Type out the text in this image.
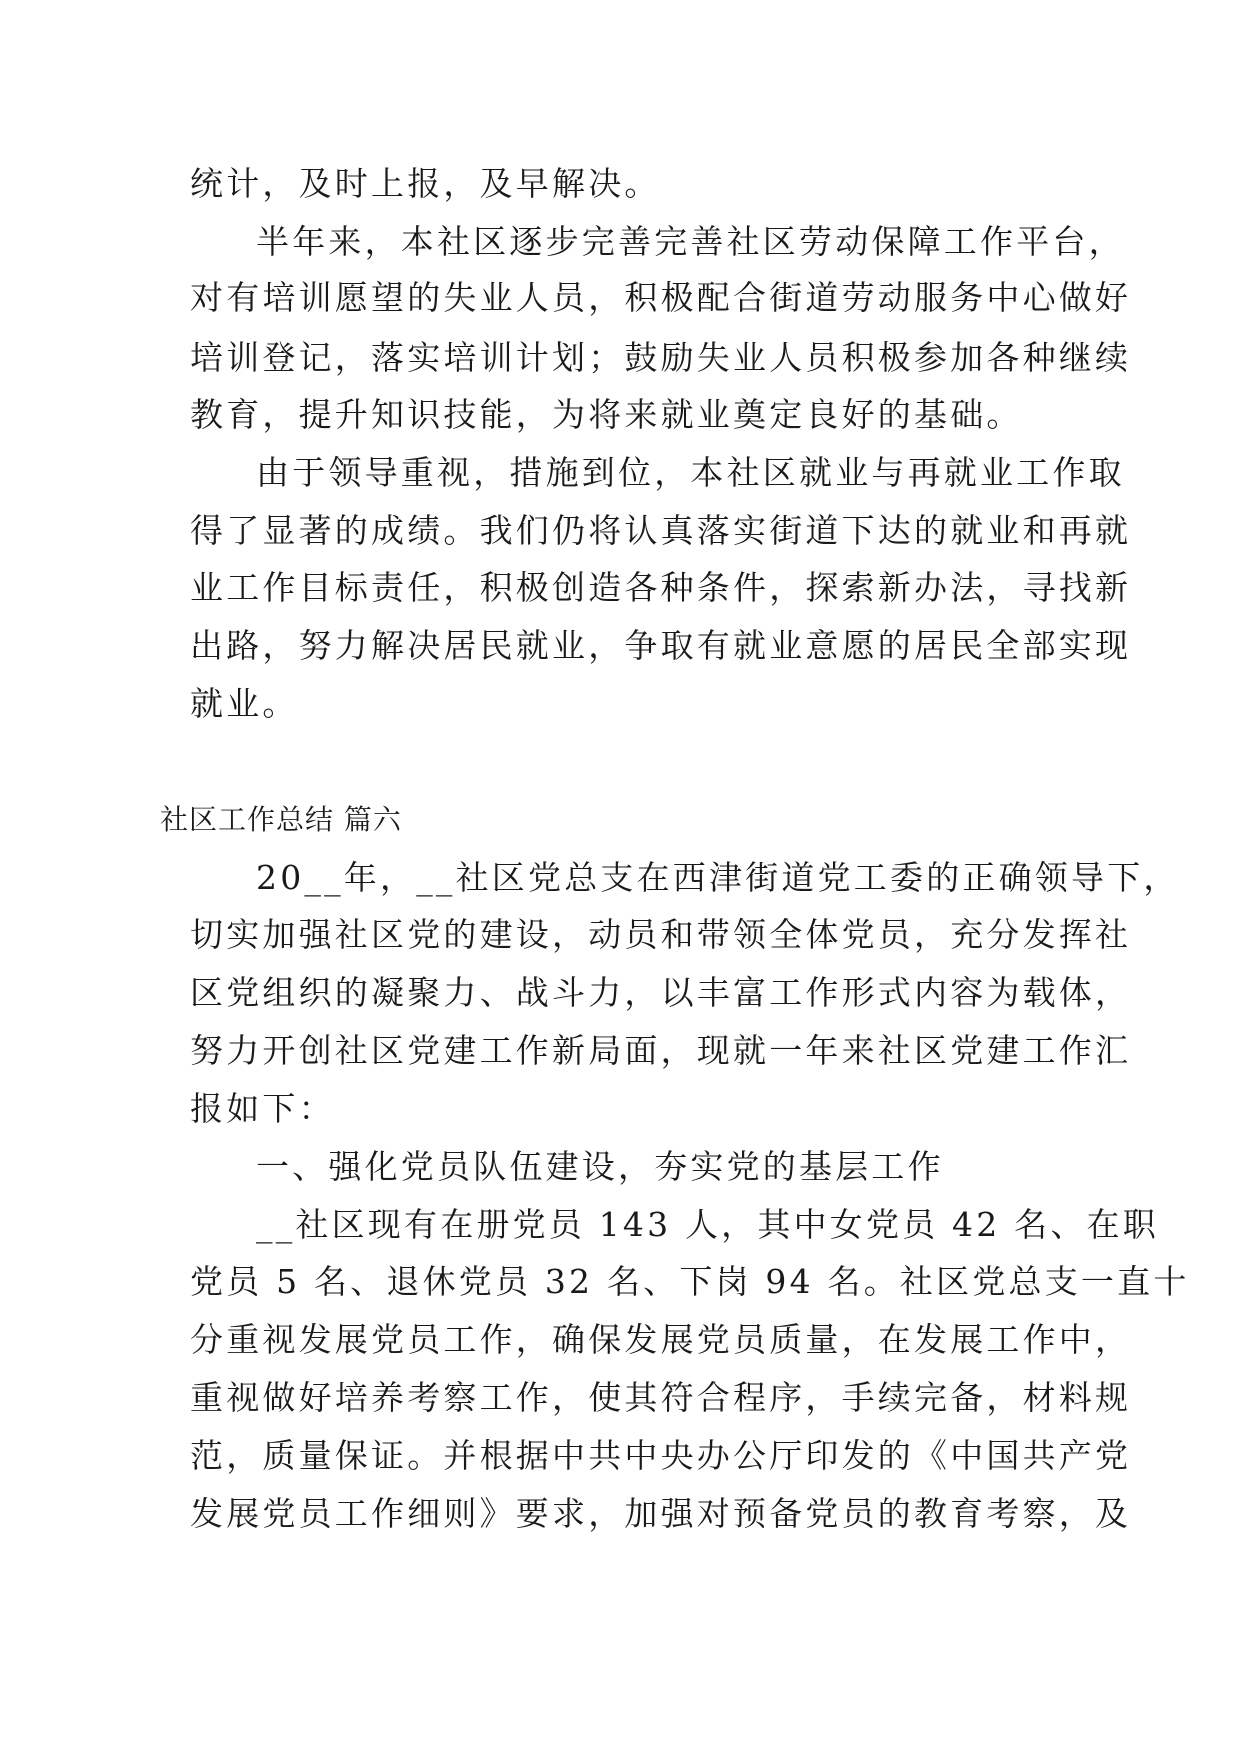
统计，及时上报，及早解决。
半年来，本社区逐步完善完善社区劳动保障工作平台，
对有培训愿望的失业人员，积极配合街道劳动服务中心做好
培训登记，落实培训计划；鼓励失业人员积极参加各种继续
教育，提升知识技能，为将来就业奠定良好的基础。
由于领导重视，措施到位，本社区就业与再就业工作取
得了显著的成绩。我们仍将认真落实街道下达的就业和再就
业工作目标责任，积极创造各种条件，探索新办法，寻找新
出路，努力解决居民就业，争取有就业意愿的居民全部实现
就业。
社区工作总结 篇六
20__年，__社区党总支在西津街道党工委的正确领导下，
切实加强社区党的建设，动员和带领全体党员，充分发挥社
区党组织的凝聚力、战斗力，以丰富工作形式内容为载体，
努力开创社区党建工作新局面，现就一年来社区党建工作汇
报如下：
一、强化党员队伍建设，夯实党的基层工作
__社区现有在册党员 143 人，其中女党员 42 名、在职
党员 5 名、退休党员 32 名、下岗 94 名。社区党总支一直十
分重视发展党员工作，确保发展党员质量，在发展工作中，
重视做好培养考察工作，使其符合程序，手续完备，材料规
范，质量保证。并根据中共中央办公厅印发的《中国共产党
发展党员工作细则》要求，加强对预备党员的教育考察，及
